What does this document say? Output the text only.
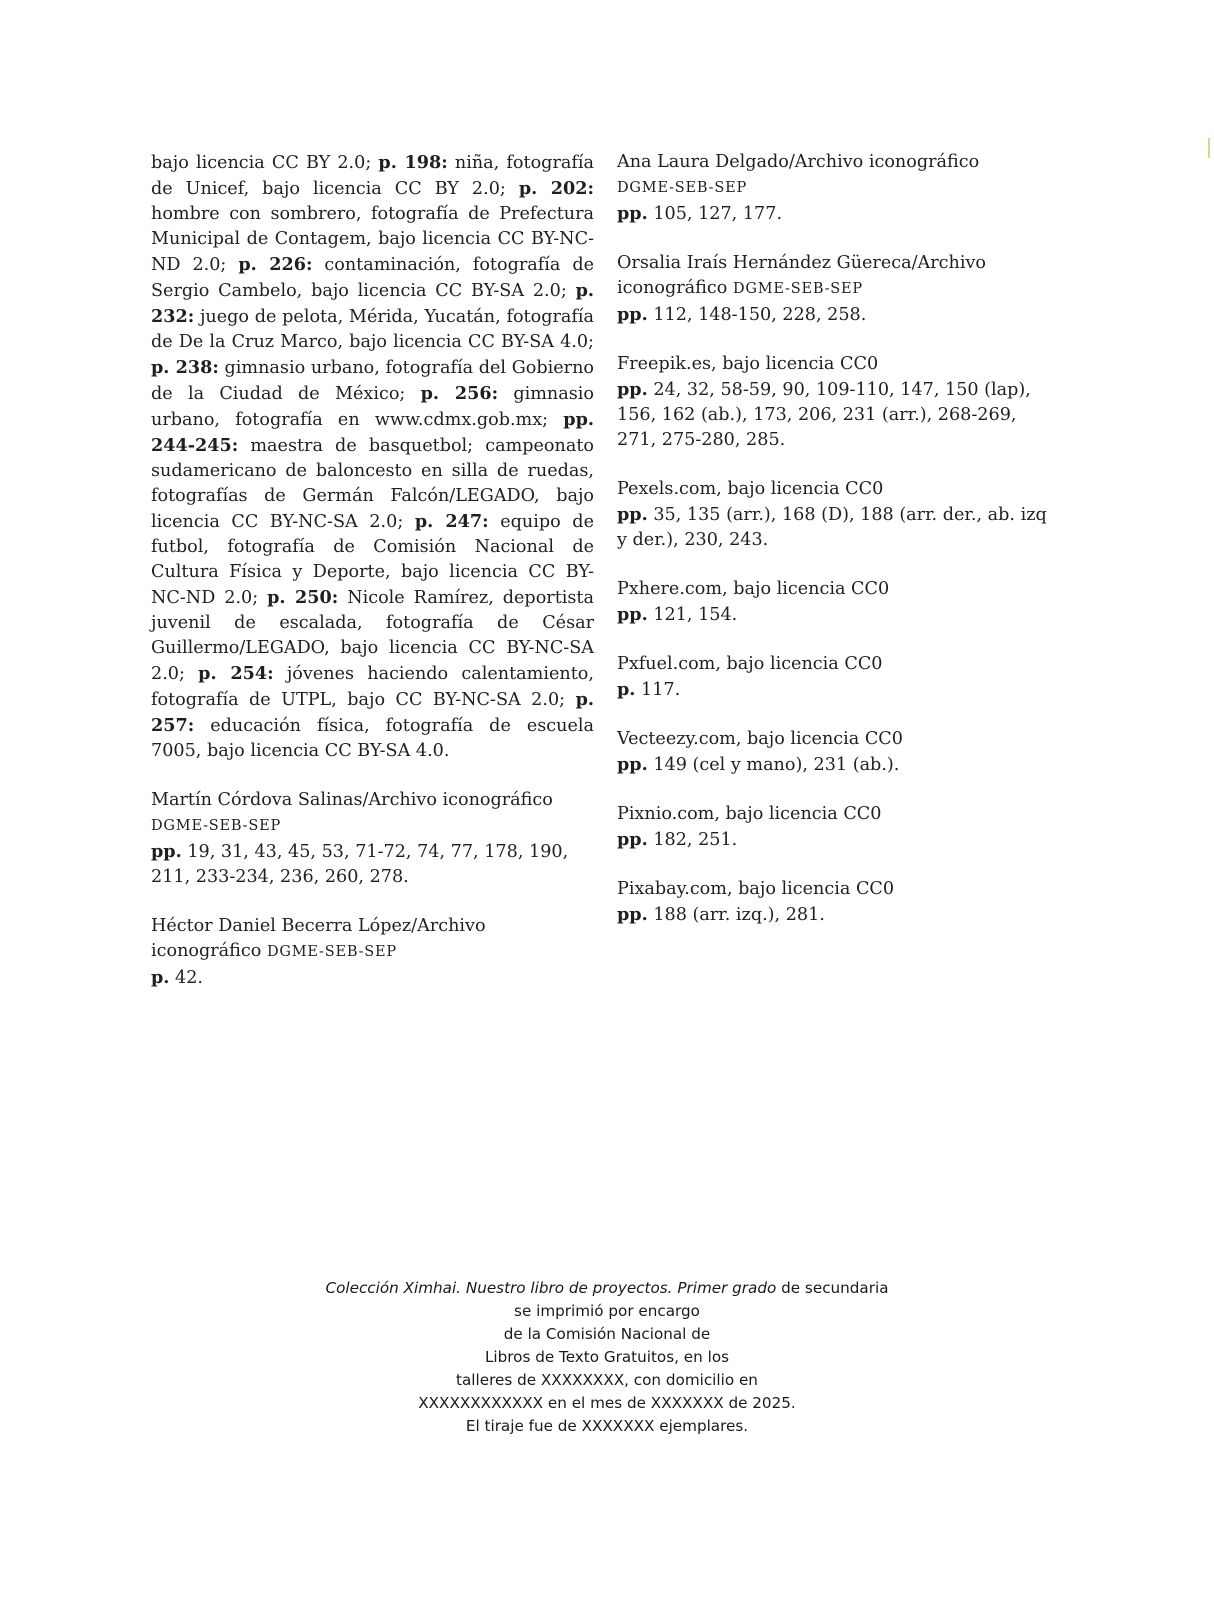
bajo licencia CC BY 2.0; p. 198: niña, fotografía de Unicef, bajo licencia CC BY 2.0; p. 202: hombre con sombrero, fotografía de Prefectura Municipal de Contagem, bajo licencia CC BY-NC-ND 2.0; p. 226: contaminación, fotografía de Sergio Cambelo, bajo licencia CC BY-SA 2.0; p. 232: juego de pelota, Mérida, Yucatán, fotografía de De la Cruz Marco, bajo licencia CC BY-SA 4.0; p. 238: gimnasio urbano, fotografía del Gobierno de la Ciudad de México; p. 256: gimnasio urbano, fotografía en www.cdmx.gob.mx; pp. 244-245: maestra de basquetbol; campeonato sudamericano de baloncesto en silla de ruedas, fotografías de Germán Falcón/LEGADO, bajo licencia CC BY-NC-SA 2.0; p. 247: equipo de futbol, fotografía de Comisión Nacional de Cultura Física y Deporte, bajo licencia CC BY-NC-ND 2.0; p. 250: Nicole Ramírez, deportista juvenil de escalada, fotografía de César Guillermo/LEGADO, bajo licencia CC BY-NC-SA 2.0; p. 254: jóvenes haciendo calentamiento, fotografía de UTPL, bajo CC BY-NC-SA 2.0; p. 257: educación física, fotografía de escuela 7005, bajo licencia CC BY-SA 4.0.

Martín Córdova Salinas/Archivo iconográfico

DGME-SEB-SEP

pp. 19, 31, 43, 45, 53, 71-72, 74, 77, 178, 190, 211, 233-234, 236, 260, 278.

Héctor Daniel Becerra López/Archivo iconográfico DGME-SEB-SEP

p. 42.

Ana Laura Delgado/Archivo iconográfico

DGME-SEB-SEP

pp. 105, 127, 177.

Orsalia Iraís Hernández Güereca/Archivo iconográfico DGME-SEB-SEP

pp. 112, 148-150, 228, 258.

Freepik.es, bajo licencia CC0

pp. 24, 32, 58-59, 90, 109-110, 147, 150 (lap), 156, 162 (ab.), 173, 206, 231 (arr.), 268-269, 271, 275-280, 285.

Pexels.com, bajo licencia CC0

pp. 35, 135 (arr.), 168 (D), 188 (arr. der., ab. izq y der.), 230, 243.

Pxhere.com, bajo licencia CC0

pp. 121, 154.

Pxfuel.com, bajo licencia CC0

p. 117.

Vecteezy.com, bajo licencia CC0

pp. 149 (cel y mano), 231 (ab.).

Pixnio.com, bajo licencia CC0

pp. 182, 251.

Pixabay.com, bajo licencia CC0

pp. 188 (arr. izq.), 281.

Colección Ximhai. Nuestro libro de proyectos. Primer grado de secundaria

se imprimió por encargo

de la Comisión Nacional de

Libros de Texto Gratuitos, en los

talleres de XXXXXXXX, con domicilio en

XXXXXXXXXXXX en el mes de XXXXXXX de 2025.

El tiraje fue de XXXXXXX ejemplares.
